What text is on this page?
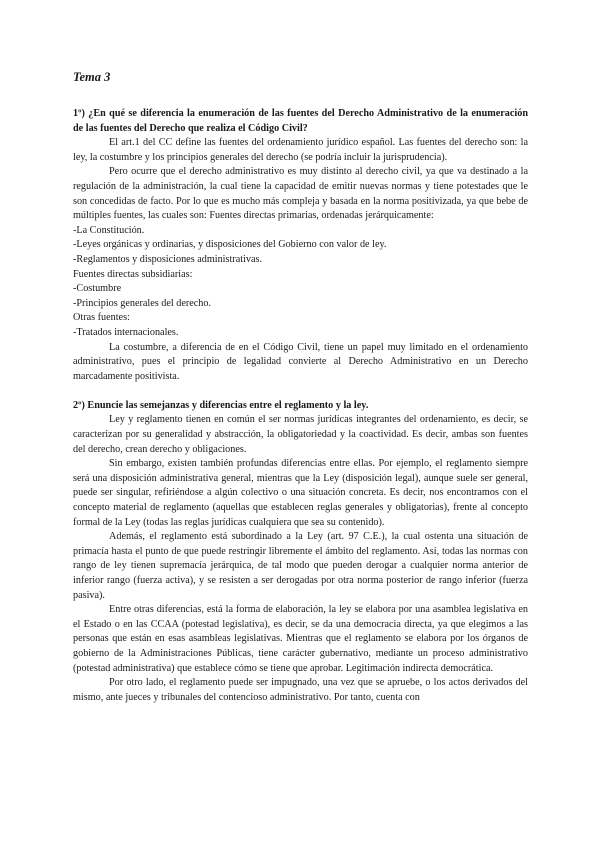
Tema 3
1º) ¿En qué se diferencia la enumeración de las fuentes del Derecho Administrativo de la enumeración de las fuentes del Derecho que realiza el Código Civil?

El art.1 del CC define las fuentes del ordenamiento jurídico español. Las fuentes del derecho son: la ley, la costumbre y los principios generales del derecho (se podría incluir la jurisprudencia).

Pero ocurre que el derecho administrativo es muy distinto al derecho civil, ya que va destinado a la regulación de la administración, la cual tiene la capacidad de emitir nuevas normas y tiene potestades que le son concedidas de facto. Por lo que es mucho más compleja y basada en la norma positivizada, ya que bebe de múltiples fuentes, las cuales son: Fuentes directas primarias, ordenadas jerárquicamente:

-La Constitución.

-Leyes orgánicas y ordinarias, y disposiciones del Gobierno con valor de ley.

-Reglamentos y disposiciones administrativas.

Fuentes directas subsidiarias:

-Costumbre

-Principios generales del derecho.

Otras fuentes:

-Tratados internacionales.

La costumbre, a diferencia de en el Código Civil, tiene un papel muy limitado en el ordenamiento administrativo, pues el principio de legalidad convierte al Derecho Administrativo en un Derecho marcadamente positivista.

2º) Enuncie las semejanzas y diferencias entre el reglamento y la ley.

Ley y reglamento tienen en común el ser normas jurídicas integrantes del ordenamiento, es decir, se caracterizan por su generalidad y abstracción, la obligatoriedad y la coactividad. Es decir, ambas son fuentes del derecho, crean derecho y obligaciones.

Sin embargo, existen también profundas diferencias entre ellas. Por ejemplo, el reglamento siempre será una disposición administrativa general, mientras que la Ley (disposición legal), aunque suele ser general, puede ser singular, refiriéndose a algún colectivo o una situación concreta. Es decir, nos encontramos con el concepto material de reglamento (aquellas que establecen reglas generales y obligatorias), frente al concepto formal de la Ley (todas las reglas jurídicas cualquiera que sea su contenido).

Además, el reglamento está subordinado a la Ley (art. 97 C.E.), la cual ostenta una situación de primacía hasta el punto de que puede restringir libremente el ámbito del reglamento. Así, todas las normas con rango de ley tienen supremacía jerárquica, de tal modo que pueden derogar a cualquier norma anterior de inferior rango (fuerza activa), y se resisten a ser derogadas por otra norma posterior de rango inferior (fuerza pasiva).

Entre otras diferencias, está la forma de elaboración, la ley se elabora por una asamblea legislativa en el Estado o en las CCAA (potestad legislativa), es decir, se da una democracia directa, ya que elegimos a las personas que están en esas asambleas legislativas. Mientras que el reglamento se elabora por los órganos de gobierno de la Administraciones Públicas, tiene carácter gubernativo, mediante un proceso administrativo (potestad administrativa) que establece cómo se tiene que aprobar. Legitimación indirecta democrática.

Por otro lado, el reglamento puede ser impugnado, una vez que se apruebe, o los actos derivados del mismo, ante jueces y tribunales del contencioso administrativo. Por tanto, cuenta con
